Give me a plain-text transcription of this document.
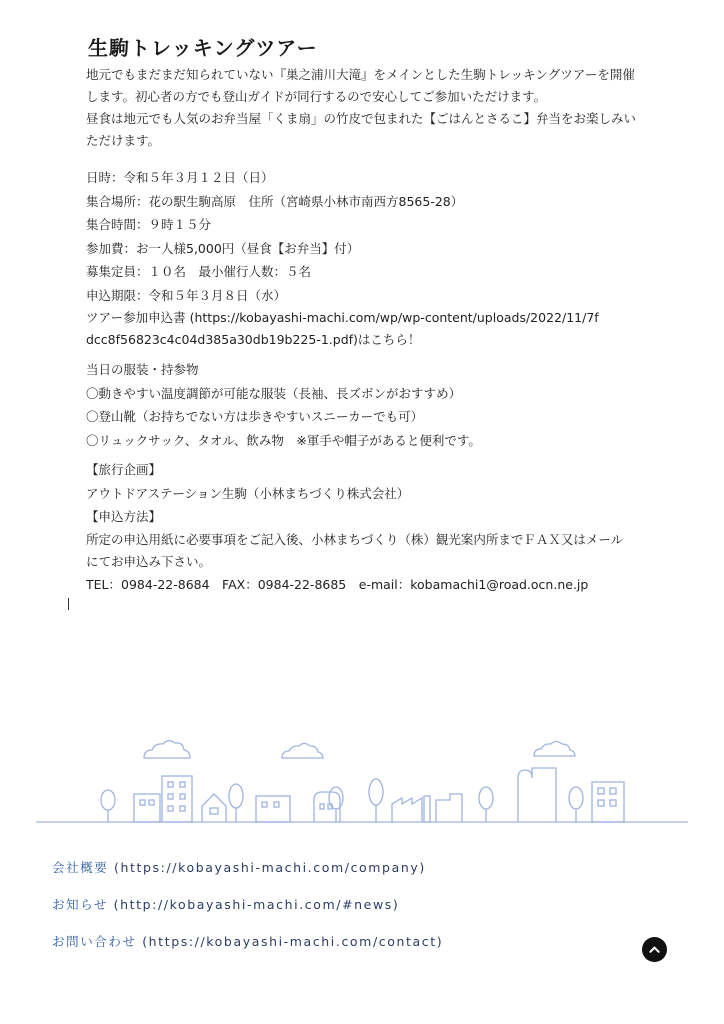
生駒トレッキングツアー

地元でもまだまだ知られていない『巣之浦川大滝』をメインとした生駒トレッキングツアーを開催します。初心者の方でも登山ガイドが同行するので安心してご参加いただけます。

昼食は地元でも人気のお弁当屋「くま扇」の竹皮で包まれた【ごはんとさるこ】弁当をお楽しみいただけます。

日時：令和５年３月１２日（日）

集合場所：花の駅生駒高原　住所（宮崎県小林市南西方8565-28）

集合時間：９時１５分

参加費：お一人様5,000円（昼食【お弁当】付）

募集定員：１０名　最小催行人数：５名

申込期限：令和５年３月８日（水）

ツアー参加申込書 (https://kobayashi-machi.com/wp/wp-content/uploads/2022/11/7fdcc8f56823c4c04d385a30db19b225-1.pdf)はこちら！

当日の服装・持参物

〇動きやすい温度調節が可能な服装（長袖、長ズボンがおすすめ）

〇登山靴（お持ちでない方は歩きやすいスニーカーでも可）

〇リュックサック、タオル、飲み物　※軍手や帽子があると便利です。

【旅行企画】

アウトドアステーション生駒（小林まちづくり株式会社）

【申込方法】

所定の申込用紙に必要事項をご記入後、小林まちづくり（株）観光案内所までＦＡＸ又はメールにてお申込み下さい。

TEL：0984-22-8684　FAX：0984-22-8685　e-mail：kobamachi1@road.ocn.ne.jp

会社概要 (https://kobayashi-machi.com/company)
お知らせ (http://kobayashi-machi.com/#news)
お問い合わせ (https://kobayashi-machi.com/contact)
